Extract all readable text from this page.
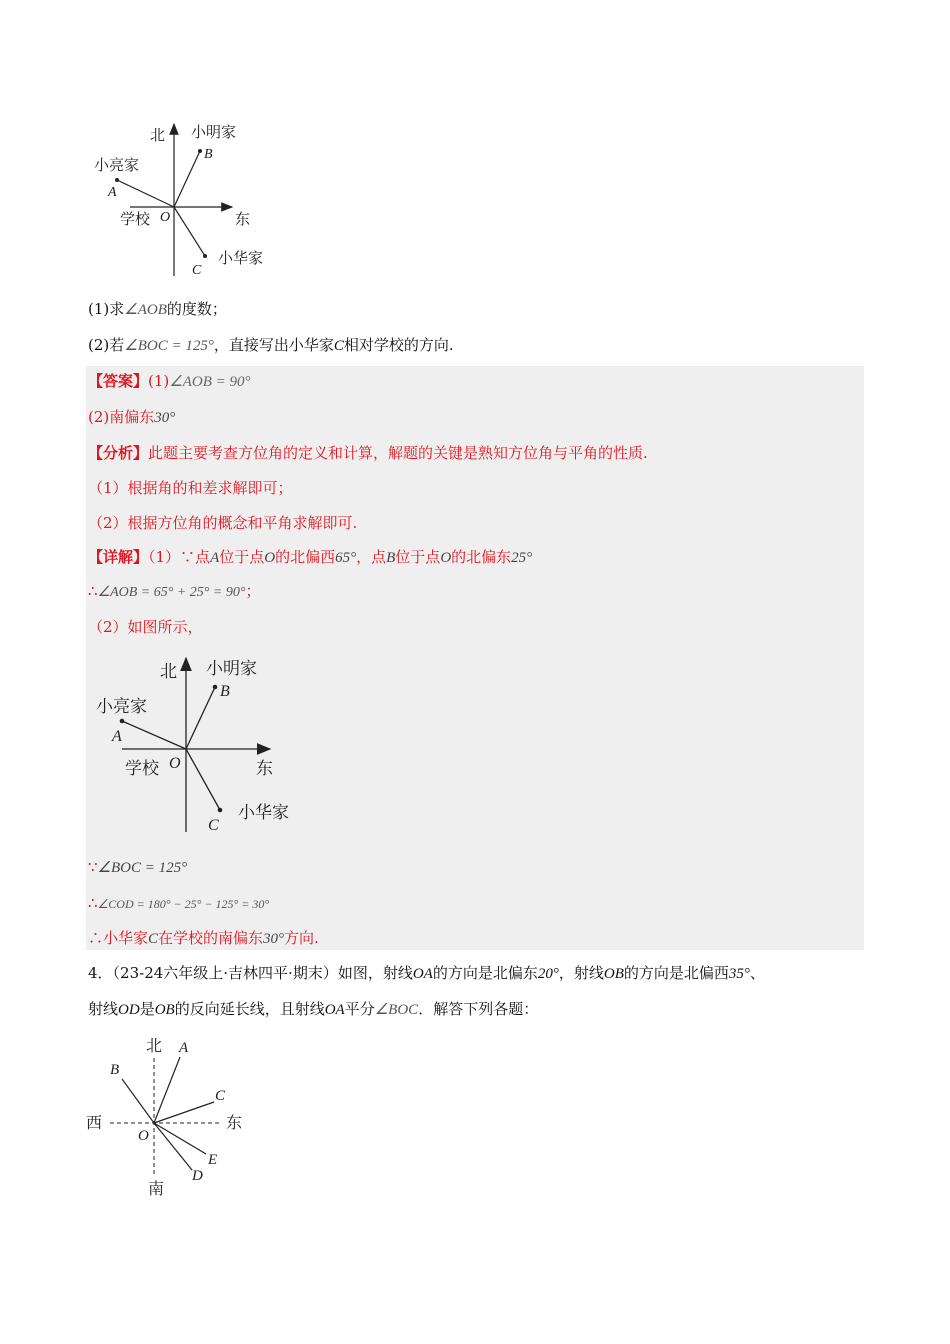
北 小明家
B
小亮家
A
学校 O	东
小华家
C
(1)求∠AOB的度数；
(2)若∠BOC = 125°，直接写出小华家C相对学校的方向.
【答案】(1)∠AOB = 90°
(2)南偏东30°
【分析】此题主要考查方位角的定义和计算，解题的关键是熟知方位角与平角的性质.
（1）根据角的和差求解即可；
（2）根据方位角的概念和平角求解即可.
【详解】（1）∵点A位于点O的北偏西65°，点B位于点O的北偏东25°
∴∠AOB = 65° + 25° = 90°；
（2）如图所示，
北 小明家
B
小亮家
A
学校 O	东
小华家
C
∵∠BOC = 125°
∴∠COD = 180° − 25° − 125° = 30°
∴小华家C在学校的南偏东30°方向.
4．（23-24六年级上·吉林四平·期末）如图，射线OA的方向是北偏东20°，射线OB的方向是北偏西35°、
射线OD是OB的反向延长线，且射线OA平分∠BOC．解答下列各题：
北
南
西	东
O
A
B
C
E
D
